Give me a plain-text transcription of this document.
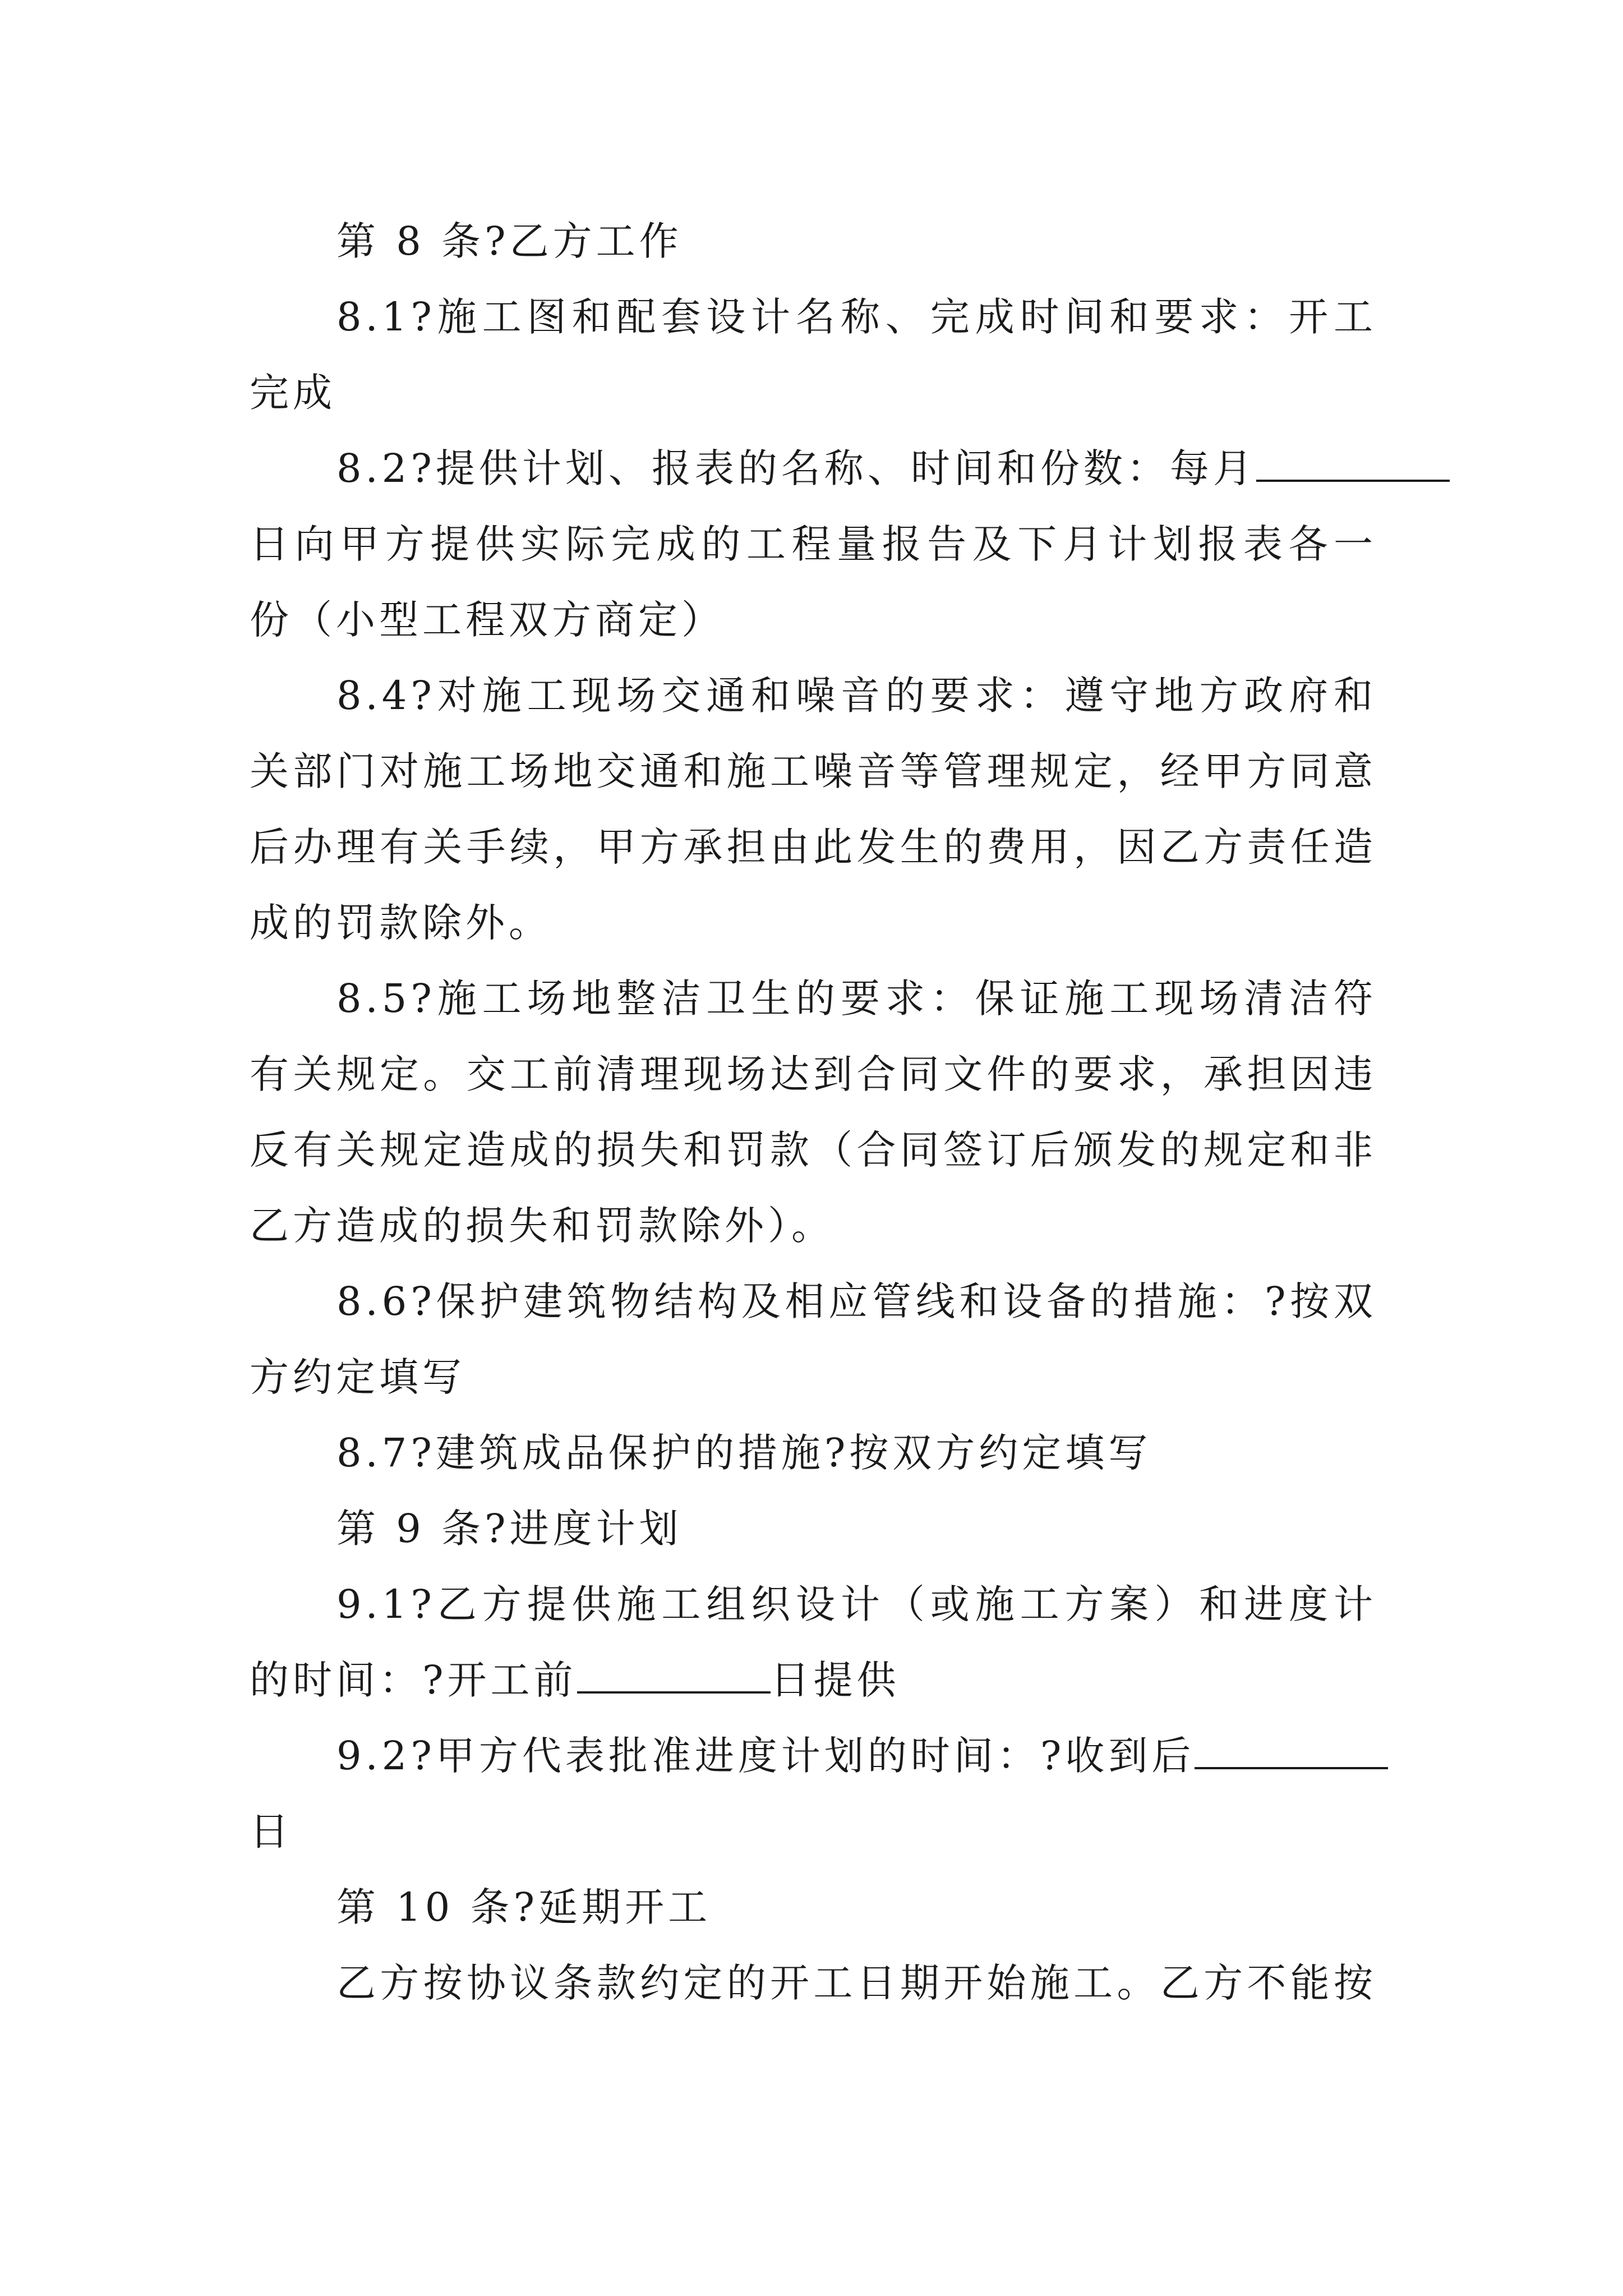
第 8 条?乙方工作
8.1?施工图和配套设计名称、完成时间和要求：开工
完成
8.2?提供计划、报表的名称、时间和份数：每月
日向甲方提供实际完成的工程量报告及下月计划报表各一
份（小型工程双方商定）
8.4?对施工现场交通和噪音的要求：遵守地方政府和
关部门对施工场地交通和施工噪音等管理规定，经甲方同意
后办理有关手续，甲方承担由此发生的费用，因乙方责任造
成的罚款除外。
8.5?施工场地整洁卫生的要求：保证施工现场清洁符
有关规定。交工前清理现场达到合同文件的要求，承担因违
反有关规定造成的损失和罚款（合同签订后颁发的规定和非
乙方造成的损失和罚款除外）。
8.6?保护建筑物结构及相应管线和设备的措施：?按双
方约定填写
8.7?建筑成品保护的措施?按双方约定填写
第 9 条?进度计划
9.1?乙方提供施工组织设计（或施工方案）和进度计
的时间：?开工前	日提供
9.2?甲方代表批准进度计划的时间：?收到后
日
第 10 条?延期开工
乙方按协议条款约定的开工日期开始施工。乙方不能按
